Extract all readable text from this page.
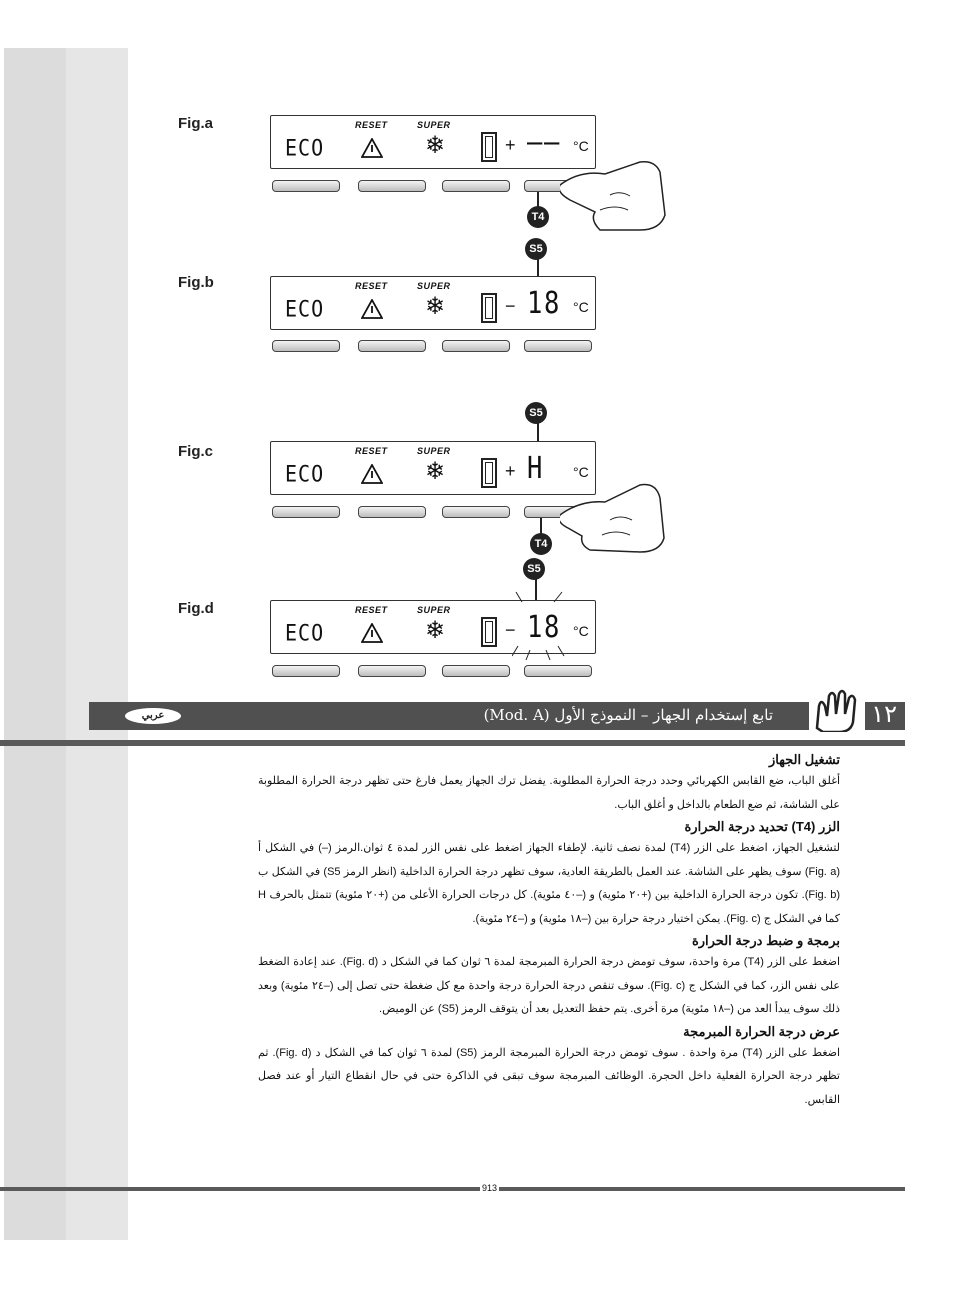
Fig.a	RESET	SUPER
ECO	❄	+ —— °C
T4
S5
Fig.b	RESET	SUPER
ECO	❄	− 18 °C
S5
Fig.c	RESET	SUPER
ECO	❄	+ H °C
T4
S5
Fig.d	RESET	SUPER
ECO	❄	− 18 °C
عربي	تابع إستخدام الجهاز – النموذج الأول (Mod. A)	١٢

تشغيل الجهاز

أغلق الباب، ضع القابس الكهربائي وحدد درجة الحرارة المطلوبة. يفضل ترك الجهاز يعمل فارغ حتى تظهر درجة الحرارة المطلوبة على الشاشة، ثم ضع الطعام بالداخل و أغلق الباب.

الزر (T4) تحديد درجة الحرارة

لتشغيل الجهاز، اضغط على الزر (T4) لمدة نصف ثانية. لإطفاء الجهاز اضغط على نفس الزر لمدة ٤ ثوان.الرمز (–) في الشكل أ (Fig. a) سوف يظهر على الشاشة. عند العمل بالطريقة العادية، سوف تظهر درجة الحرارة الداخلية (انظر الرمز S5) في الشكل ب (Fig. b). تكون درجة الحرارة الداخلية بين (+٢٠ مئوية) و (–٤٠ مئوية). كل درجات الحرارة الأعلى من (+٢٠ مئوية) تتمثل بالحرف H كما في الشكل ج (Fig. c). يمكن اختيار درجة حرارة بين (–١٨ مئوية) و (–٢٤ مئوية).

برمجة و ضبط درجة الحرارة

اضغط على الزر (T4) مرة واحدة، سوف تومض درجة الحرارة المبرمجة لمدة ٦ ثوان كما في الشكل د (Fig. d). عند إعادة الضغط على نفس الزر، كما في الشكل ج (Fig. c). سوف تنقص درجة الحرارة درجة واحدة مع كل ضغطة حتى تصل إلى (–٢٤ مئوية) وبعد ذلك سوف يبدأ العد من (–١٨ مئوية) مرة أخرى. يتم حفظ التعديل بعد أن يتوقف الرمز (S5) عن الوميض.

عرض درجة الحرارة المبرمجة

اضغط على الزر (T4) مرة واحدة . سوف تومض درجة الحرارة المبرمجة الرمز (S5) لمدة ٦ ثوان كما في الشكل د (Fig. d). ثم تظهر درجة الحرارة الفعلية داخل الحجرة. الوظائف المبرمجة سوف تبقى في الذاكرة حتى في حال انقطاع التيار أو عند فصل القابس.

913
